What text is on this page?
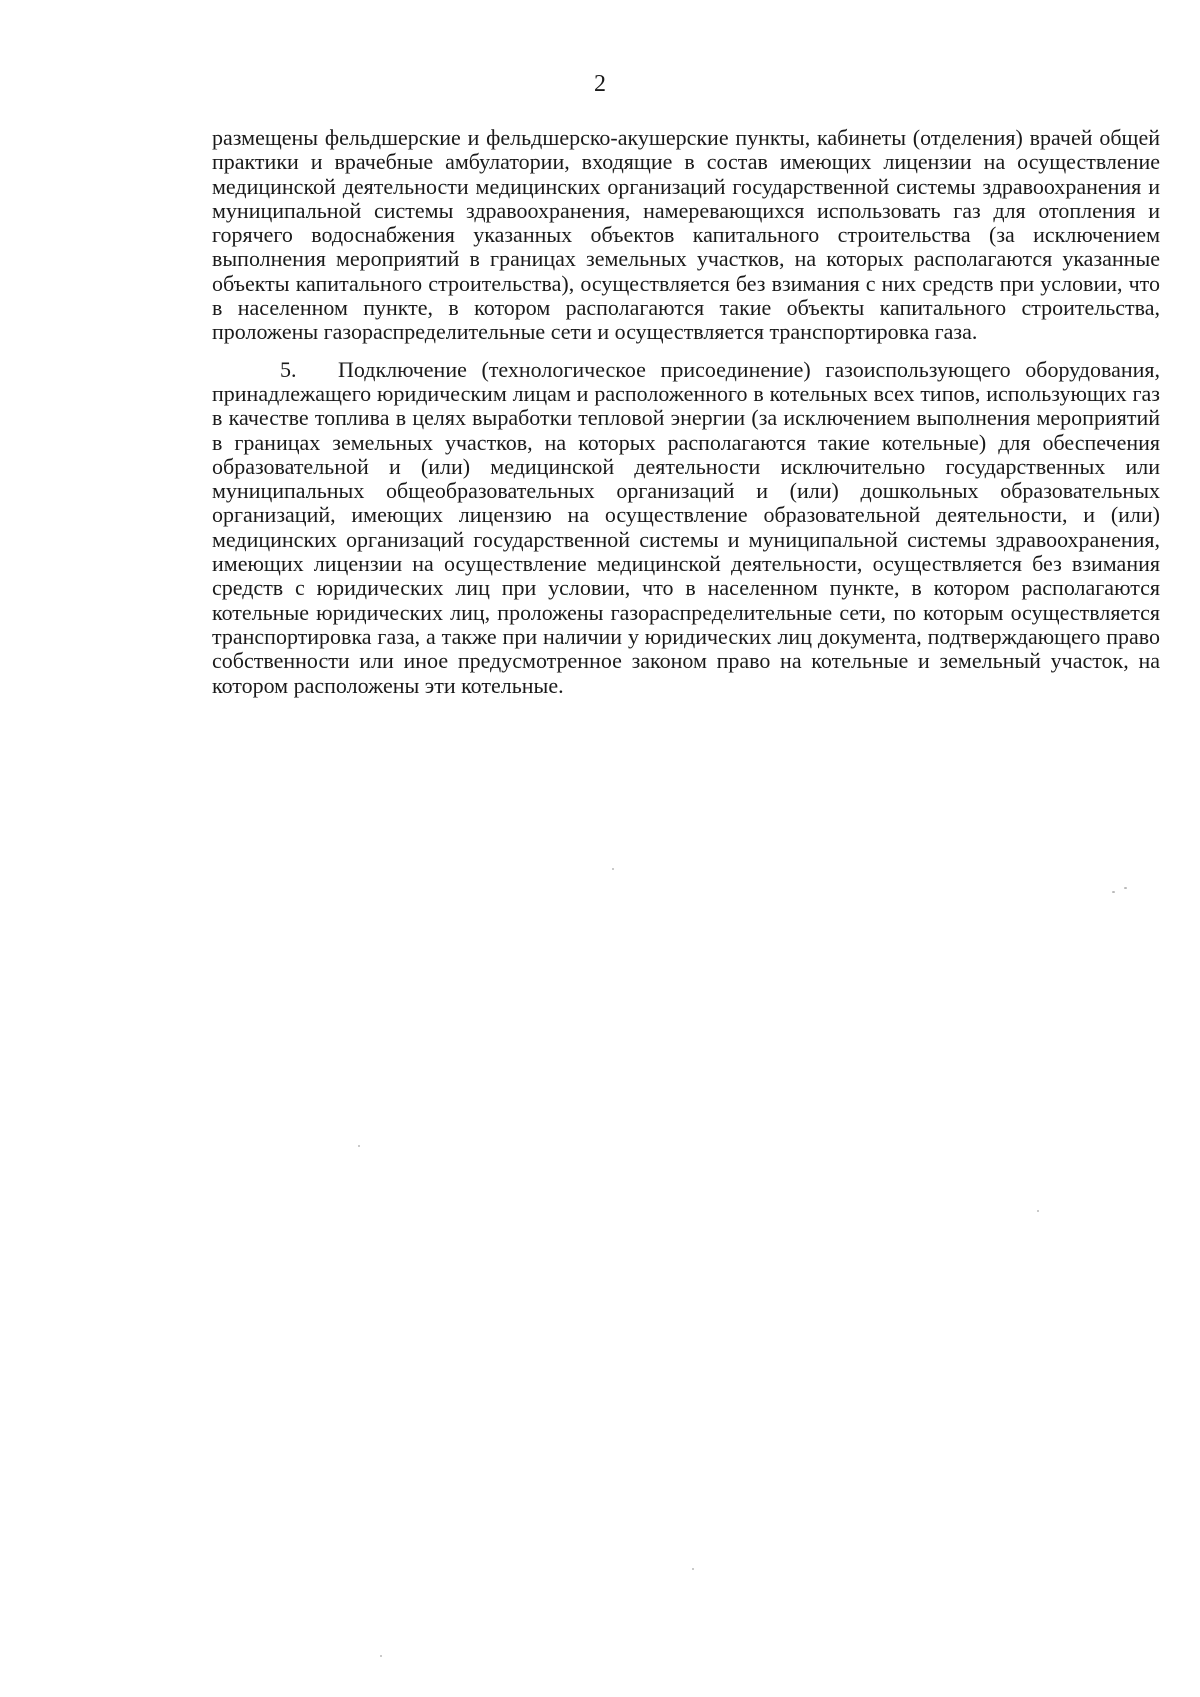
2

размещены фельдшерские и фельдшерско-акушерские пункты, кабинеты (отделения) врачей общей практики и врачебные амбулатории, входящие в состав имеющих лицензии на осуществление медицинской деятельности медицинских организаций государственной системы здравоохранения и муниципальной системы здравоохранения, намеревающихся использовать газ для отопления и горячего водоснабжения указанных объектов капитального строительства (за исключением выполнения мероприятий в границах земельных участков, на которых располагаются указанные объекты капитального строительства), осуществляется без взимания с них средств при условии, что в населенном пункте, в котором располагаются такие объекты капитального строительства, проложены газораспределительные сети и осуществляется транспортировка газа.

5. Подключение (технологическое присоединение) газоиспользующего оборудования, принадлежащего юридическим лицам и расположенного в котельных всех типов, использующих газ в качестве топлива в целях выработки тепловой энергии (за исключением выполнения мероприятий в границах земельных участков, на которых располагаются такие котельные) для обеспечения образовательной и (или) медицинской деятельности исключительно государственных или муниципальных общеобразовательных организаций и (или) дошкольных образовательных организаций, имеющих лицензию на осуществление образовательной деятельности, и (или) медицинских организаций государственной системы и муниципальной системы здравоохранения, имеющих лицензии на осуществление медицинской деятельности, осуществляется без взимания средств с юридических лиц при условии, что в населенном пункте, в котором располагаются котельные юридических лиц, проложены газораспределительные сети, по которым осуществляется транспортировка газа, а также при наличии у юридических лиц документа, подтверждающего право собственности или иное предусмотренное законом право на котельные и земельный участок, на котором расположены эти котельные.
